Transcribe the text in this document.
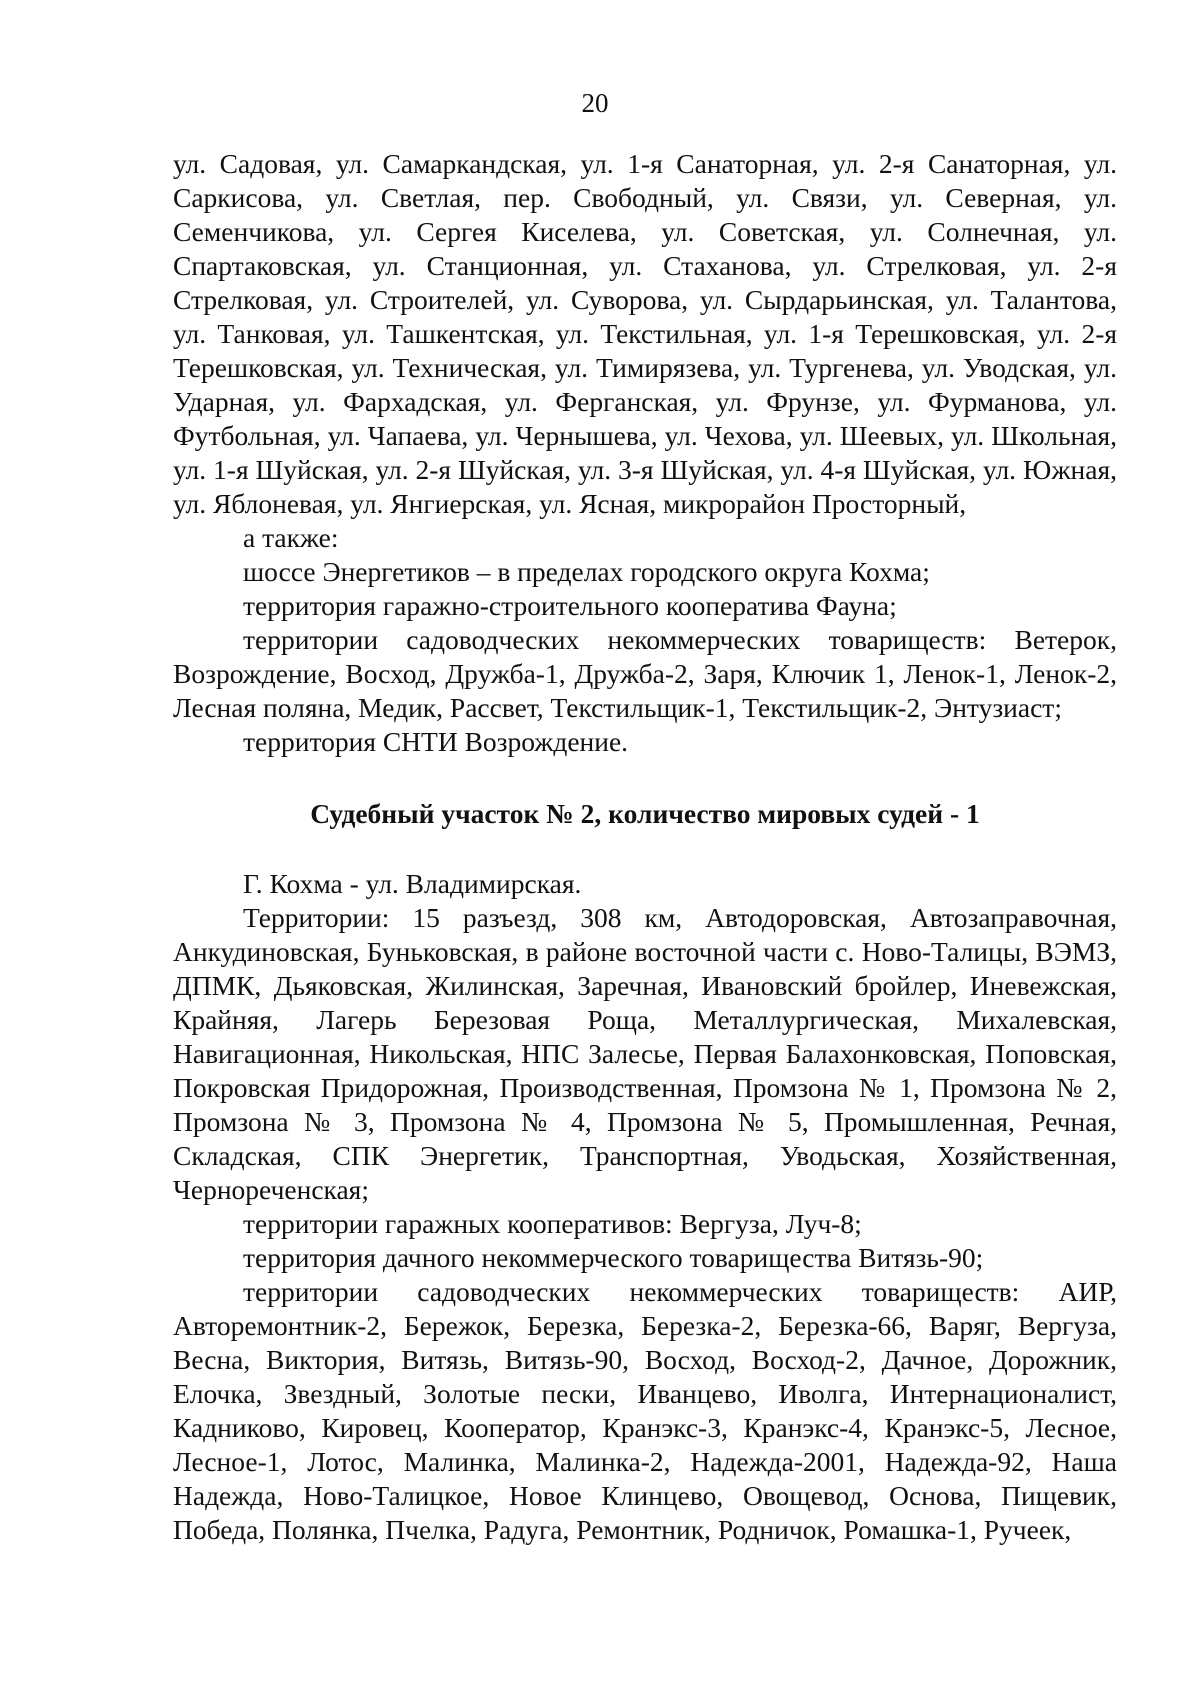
20

ул. Садовая, ул. Самаркандская, ул. 1-я Санаторная, ул. 2-я Санаторная, ул. Саркисова, ул. Светлая, пер. Свободный, ул. Связи, ул. Северная, ул. Семенчикова, ул. Сергея Киселева, ул. Советская, ул. Солнечная, ул. Спартаковская, ул. Станционная, ул. Стаханова, ул. Стрелковая, ул. 2-я Стрелковая, ул. Строителей, ул. Суворова, ул. Сырдарьинская, ул. Талантова, ул. Танковая, ул. Ташкентская, ул. Текстильная, ул. 1-я Терешковская, ул. 2-я Терешковская, ул. Техническая, ул. Тимирязева, ул. Тургенева, ул. Уводская, ул. Ударная, ул. Фархадская, ул. Ферганская, ул. Фрунзе, ул. Фурманова, ул. Футбольная, ул. Чапаева, ул. Чернышева, ул. Чехова, ул. Шеевых, ул. Школьная, ул. 1-я Шуйская, ул. 2-я Шуйская, ул. 3-я Шуйская, ул. 4-я Шуйская, ул. Южная, ул. Яблоневая, ул. Янгиерская, ул. Ясная, микрорайон Просторный,

а также:

шоссе Энергетиков – в пределах городского округа Кохма;

территория гаражно-строительного кооператива Фауна;

территории садоводческих некоммерческих товариществ: Ветерок, Возрождение, Восход, Дружба-1, Дружба-2, Заря, Ключик 1, Ленок-1, Ленок-2, Лесная поляна, Медик, Рассвет, Текстильщик-1, Текстильщик-2, Энтузиаст;

территория СНТИ Возрождение.

Судебный участок № 2, количество мировых судей - 1

Г. Кохма - ул. Владимирская.

Территории: 15 разъезд, 308 км, Автодоровская, Автозаправочная, Анкудиновская, Буньковская, в районе восточной части с. Ново-Талицы, ВЭМЗ, ДПМК, Дьяковская, Жилинская, Заречная, Ивановский бройлер, Иневежская, Крайняя, Лагерь Березовая Роща, Металлургическая, Михалевская, Навигационная, Никольская, НПС Залесье, Первая Балахонковская, Поповская, Покровская Придорожная, Производственная, Промзона № 1, Промзона № 2, Промзона № 3, Промзона № 4, Промзона № 5, Промышленная, Речная, Складская, СПК Энергетик, Транспортная, Уводьская, Хозяйственная, Чернореченская;

территории гаражных кооперативов: Вергуза, Луч-8;

территория дачного некоммерческого товарищества Витязь-90;

территории садоводческих некоммерческих товариществ: АИР, Авторемонтник-2, Бережок, Березка, Березка-2, Березка-66, Варяг, Вергуза, Весна, Виктория, Витязь, Витязь-90, Восход, Восход-2, Дачное, Дорожник, Елочка, Звездный, Золотые пески, Иванцево, Иволга, Интернационалист, Кадниково, Кировец, Кооператор, Кранэкс-3, Кранэкс-4, Кранэкс-5, Лесное, Лесное-1, Лотос, Малинка, Малинка-2, Надежда-2001, Надежда-92, Наша Надежда, Ново-Талицкое, Новое Клинцево, Овощевод, Основа, Пищевик, Победа, Полянка, Пчелка, Радуга, Ремонтник, Родничок, Ромашка-1, Ручеек,
